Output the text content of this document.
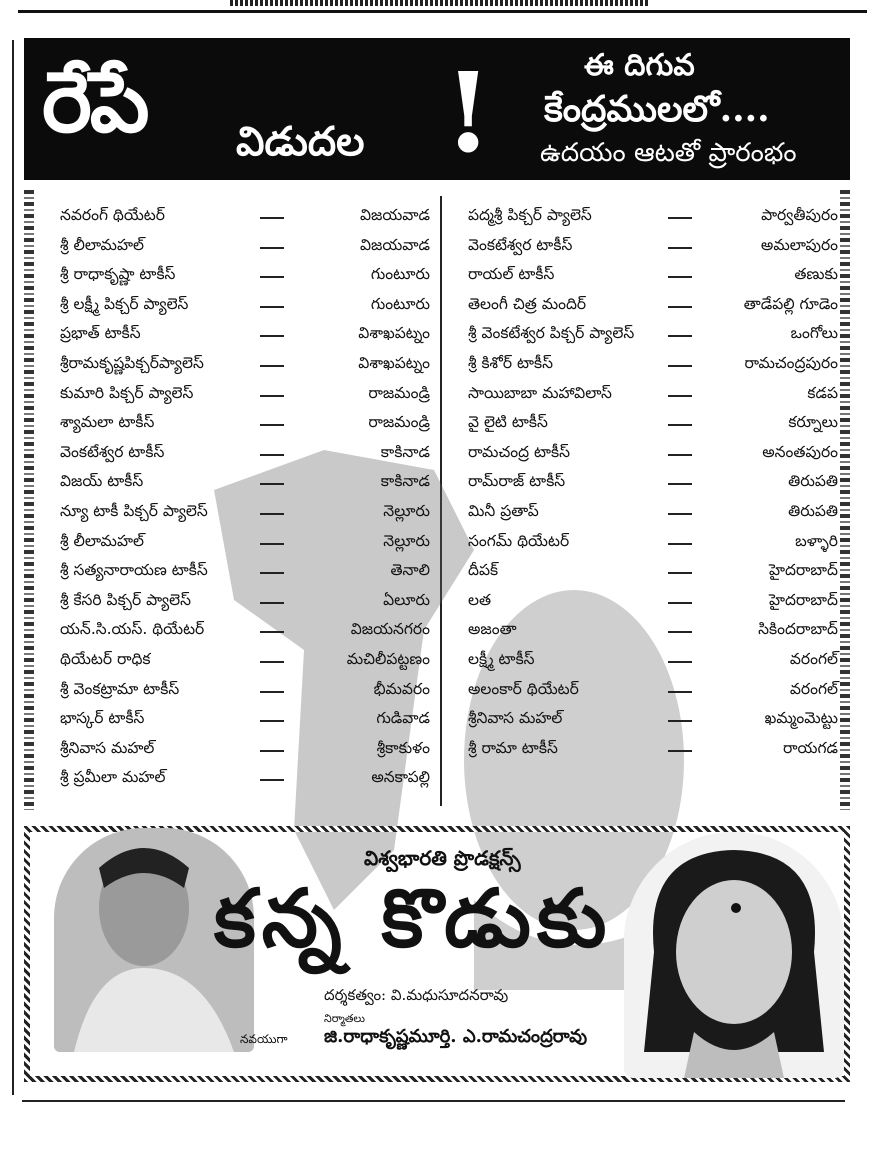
రేపే విడుదల !	ఈ దిగువ
కేంద్రములలో....
ఉదయం ఆటతో ప్రారంభం
నవరంగ్ థియేటర్	విజయవాడ
శ్రీ లీలామహల్	విజయవాడ
శ్రీ రాధాకృష్ణా టాకీస్	గుంటూరు
శ్రీ లక్ష్మీ పిక్చర్ ప్యాలెస్	గుంటూరు
ప్రభాత్ టాకీస్	విశాఖపట్నం
శ్రీరామకృష్ణపిక్చర్‌ప్యాలెస్	విశాఖపట్నం
కుమారి పిక్చర్ ప్యాలెస్	రాజమండ్రి
శ్యామలా టాకీస్	రాజమండ్రి
వెంకటేశ్వర టాకీస్	కాకినాడ
విజయ్ టాకీస్	కాకినాడ
న్యూ టాకీ పిక్చర్ ప్యాలెస్	నెల్లూరు
శ్రీ లీలామహల్	నెల్లూరు
శ్రీ సత్యనారాయణ టాకీస్	తెనాలి
శ్రీ కేసరి పిక్చర్ ప్యాలెస్	ఏలూరు
యన్.సి.యస్. థియేటర్	విజయనగరం
థియేటర్ రాధిక	మచిలీపట్టణం
శ్రీ వెంకట్రామా టాకీస్	భీమవరం
భాస్కర్ టాకీస్	గుడివాడ
శ్రీనివాస మహల్	శ్రీకాకుళం
శ్రీ ప్రమీలా మహల్	అనకాపల్లి
పద్మశ్రీ పిక్చర్ ప్యాలెస్	పార్వతీపురం
వెంకటేశ్వర టాకీస్	అమలాపురం
రాయల్ టాకీస్	తణుకు
తెలంగీ చిత్ర మందిర్	తాడేపల్లి గూడెం
శ్రీ వెంకటేశ్వర పిక్చర్ ప్యాలెస్	ఒంగోలు
శ్రీ కిశోర్ టాకీస్	రామచంద్రపురం
సాయిబాబా మహావిలాస్	కడప
వై లైటి టాకీస్	కర్నూలు
రామచంద్ర టాకీస్	అనంతపురం
రామ్‌రాజ్ టాకీస్	తిరుపతి
మినీ ప్రతాప్	తిరుపతి
సంగమ్ థియేటర్	బళ్ళారి
దీపక్	హైదరాబాద్
లత	హైదరాబాద్
అజంతా	సికిందరాబాద్
లక్ష్మీ టాకీస్	వరంగల్
అలంకార్ థియేటర్	వరంగల్
శ్రీనివాస మహల్	ఖమ్మంమెట్టు
శ్రీ రామా టాకీస్	రాయగడ
విశ్వభారతి ప్రొడక్షన్స్
కన్న కొడుకు
దర్శకత్వం: వి.మధుసూదనరావు
నిర్మాతలు
జి.రాధాకృష్ణమూర్తి. ఎ.రామచంద్రరావు
నవయుగా
